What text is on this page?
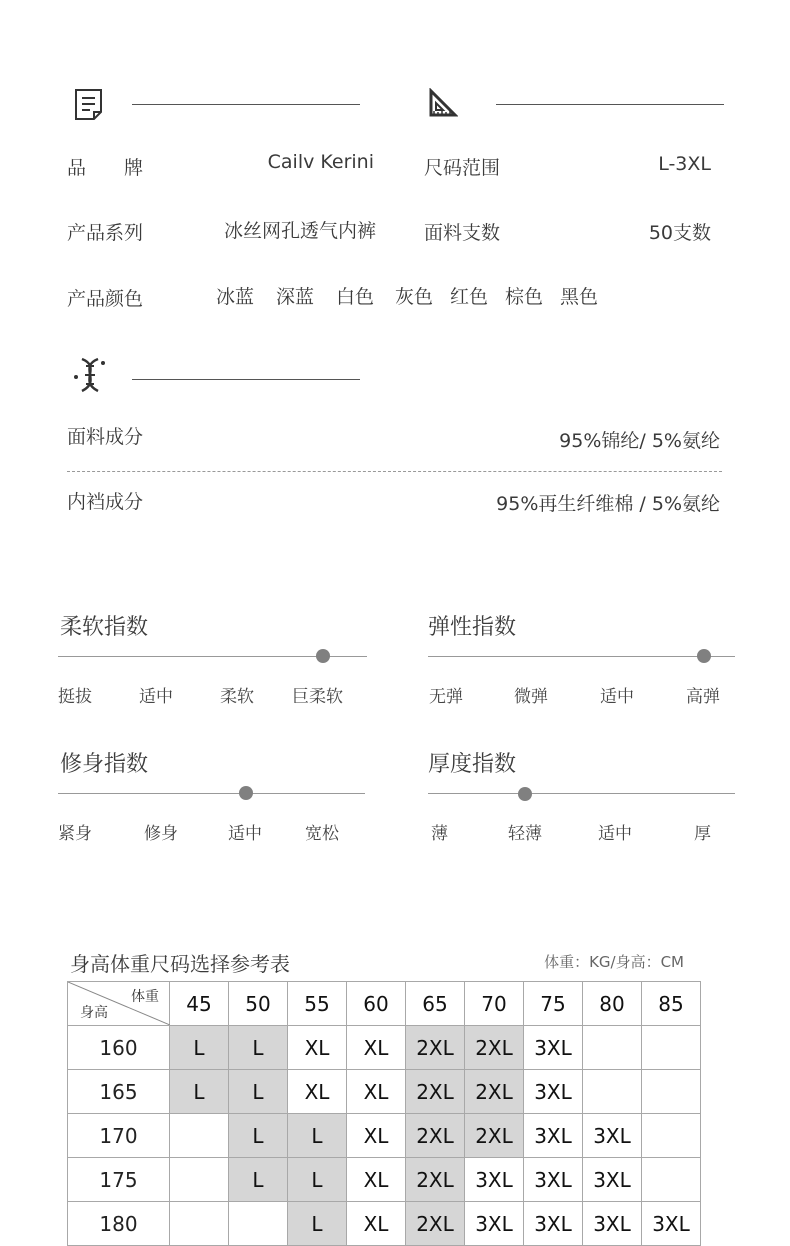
品　　牌	Cailv Kerini
产品系列	冰丝网孔透气内裤
产品颜色	冰蓝 深蓝 白色 灰色 红色 棕色 黑色
尺码范围	L-3XL
面料支数	50支数
面料成分	95%锦纶/ 5%氨纶
内裆成分	95%再生纤维棉 / 5%氨纶
柔软指数
挺拔	适中	柔软 巨柔软
弹性指数
无弹	微弹	适中	高弹
修身指数
紧身	修身	适中	宽松
厚度指数
薄	轻薄	适中	厚
身高体重尺码选择参考表	体重：KG/身高：CM
体重
身高	45	50	55	60	65	70	75	80	85
160	L	L	XL	XL	2XL	2XL	3XL		
165	L	L	XL	XL	2XL	2XL	3XL		
170		L	L	XL	2XL	2XL	3XL	3XL	
175		L	L	XL	2XL	3XL	3XL	3XL	
180			L	XL	2XL	3XL	3XL	3XL	3XL
